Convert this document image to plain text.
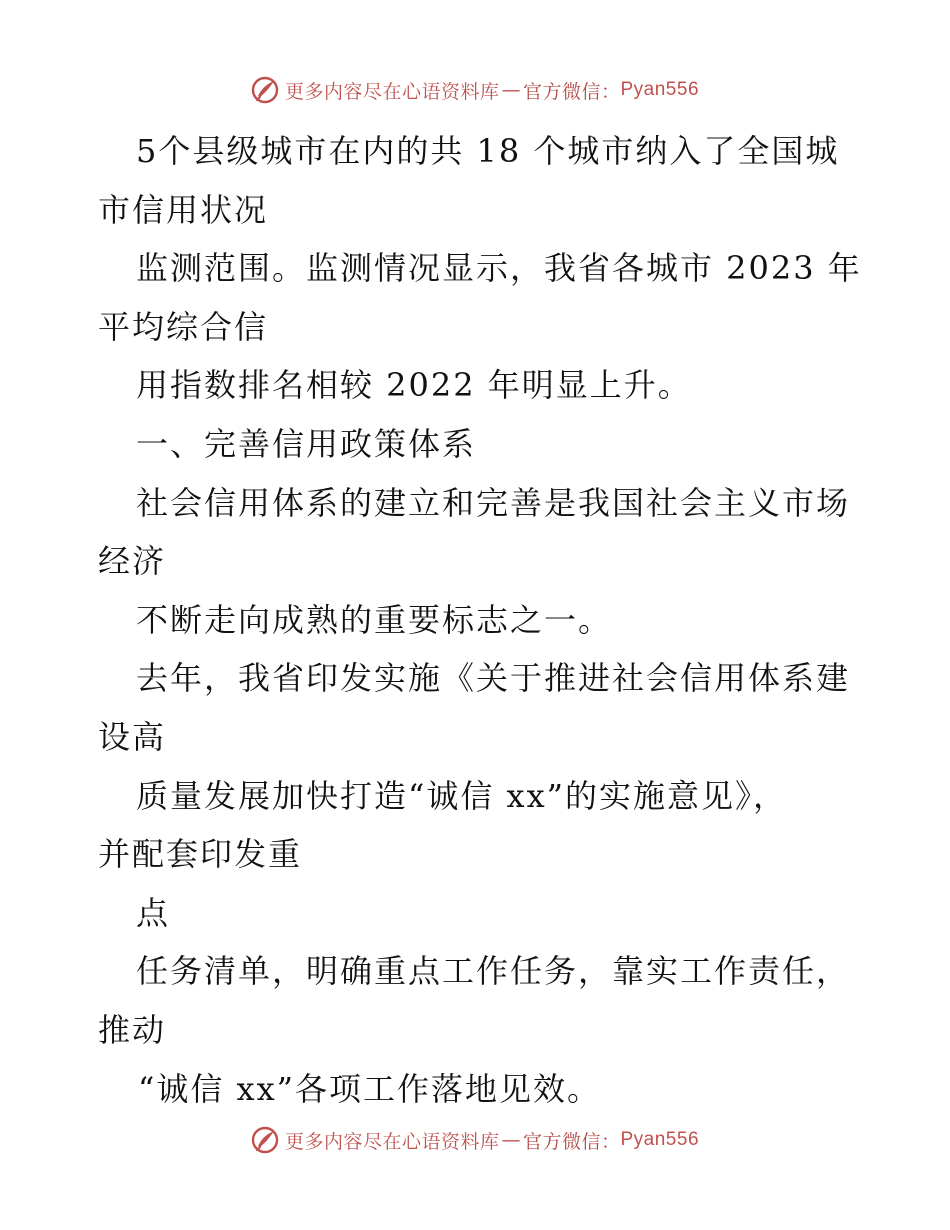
更多内容尽在心语资料库 — 官方微信： Pyan556
5个县级城市在内的共 18 个城市纳入了全国城
市信用状况
监测范围。监测情况显示，我省各城市 2023 年
平均综合信
用指数排名相较 2022 年明显上升。
一、完善信用政策体系
社会信用体系的建立和完善是我国社会主义市场
经济
不断走向成熟的重要标志之一。
去年，我省印发实施《关于推进社会信用体系建
设高
质量发展加快打造“诚信 xx”的实施意见》，
并配套印发重
点
任务清单，明确重点工作任务，靠实工作责任，
推动
“诚信 xx”各项工作落地见效。
更多内容尽在心语资料库 — 官方微信： Pyan556
